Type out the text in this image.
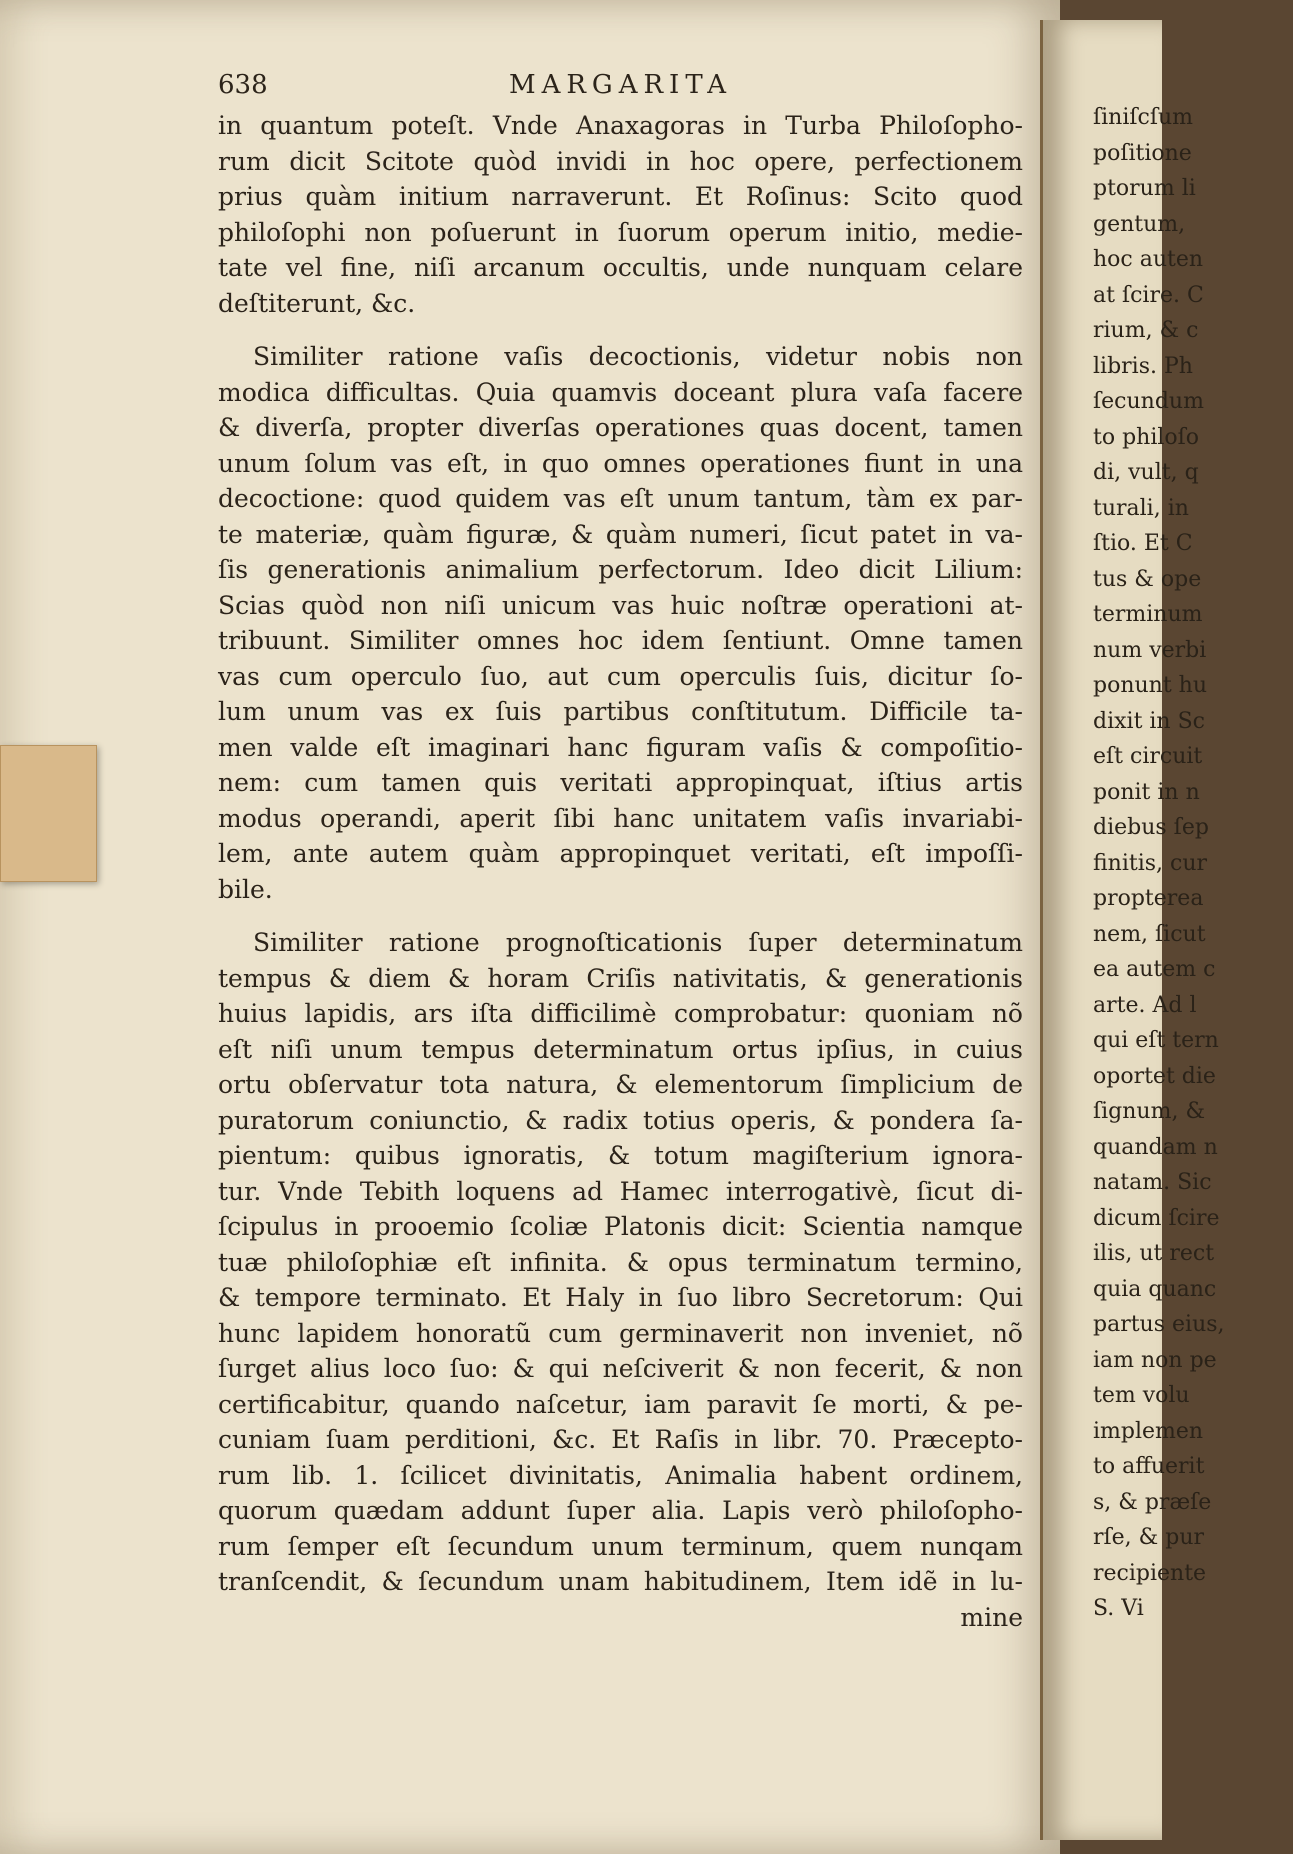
638	MARGARITA
in quantum poteſt. Vnde Anaxagoras in Turba Philoſopho-
rum dicit Scitote quòd invidi in hoc opere, perfectionem
prius quàm initium narraverunt. Et Roſinus: Scito quod
philoſophi non poſuerunt in ſuorum operum initio, medie-
tate vel fine, niſi arcanum occultis, unde nunquam celare
deſtiterunt, &c.
Similiter ratione vaſis decoctionis, videtur nobis non
modica difficultas. Quia quamvis doceant plura vaſa facere
& diverſa, propter diverſas operationes quas docent, tamen
unum ſolum vas eſt, in quo omnes operationes fiunt in una
decoctione: quod quidem vas eſt unum tantum, tàm ex par-
te materiæ, quàm figuræ, & quàm numeri, ſicut patet in va-
ſis generationis animalium perfectorum. Ideo dicit Lilium:
Scias quòd non niſi unicum vas huic noſtræ operationi at-
tribuunt. Similiter omnes hoc idem ſentiunt. Omne tamen
vas cum operculo ſuo, aut cum operculis ſuis, dicitur ſo-
lum unum vas ex ſuis partibus conſtitutum. Difficile ta-
men valde eſt imaginari hanc figuram vaſis & compoſitio-
nem: cum tamen quis veritati appropinquat, iſtius artis
modus operandi, aperit ſibi hanc unitatem vaſis invariabi-
lem, ante autem quàm appropinquet veritati, eſt impoſſi-
bile.
Similiter ratione prognoſticationis ſuper determinatum
tempus & diem & horam Criſis nativitatis, & generationis
huius lapidis, ars iſta difficilimè comprobatur: quoniam nõ
eſt niſi unum tempus determinatum ortus ipſius, in cuius
ortu obſervatur tota natura, & elementorum ſimplicium de
puratorum coniunctio, & radix totius operis, & pondera ſa-
pientum: quibus ignoratis, & totum magiſterium ignora-
tur. Vnde Tebith loquens ad Hamec interrogativè, ſicut di-
ſcipulus in prooemio ſcoliæ Platonis dicit: Scientia namque
tuæ philoſophiæ eſt infinita. & opus terminatum termino,
& tempore terminato. Et Haly in ſuo libro Secretorum: Qui
hunc lapidem honoratũ cum germinaverit non inveniet, nõ
ſurget alius loco ſuo: & qui neſciverit & non fecerit, & non
certificabitur, quando naſcetur, iam paravit ſe morti, & pe-
cuniam ſuam perditioni, &c. Et Raſis in libr. 70. Præcepto-
rum lib. 1. ſcilicet divinitatis, Animalia habent ordinem,
quorum quædam addunt ſuper alia. Lapis verò philoſopho-
rum ſemper eſt ſecundum unum terminum, quem nunqam
tranſcendit, & ſecundum unam habitudinem, Item idẽ in lu-
mine
ſiniſcſum
poſitione
ptorum li
gentum,
hoc auten
at ſcire. C
rium, & c
libris. Ph
ſecundum
to philoſo
di, vult, q
turali, in
ſtio. Et C
tus & ope
terminum
num verbi
ponunt hu
dixit in Sc
eſt circuit
ponit in n
diebus ſep
finitis, cur
propterea
nem, ſicut
ea autem c
arte. Ad l
qui eſt tern
oportet die
ſignum, &
quandam n
natam. Sic
dicum ſcire
ilis, ut rect
quia quanc
partus eius,
iam non pe
tem volu
implemen
to affuerit
s, & præſe
rſe, & pur
recipiente
S. Vi
